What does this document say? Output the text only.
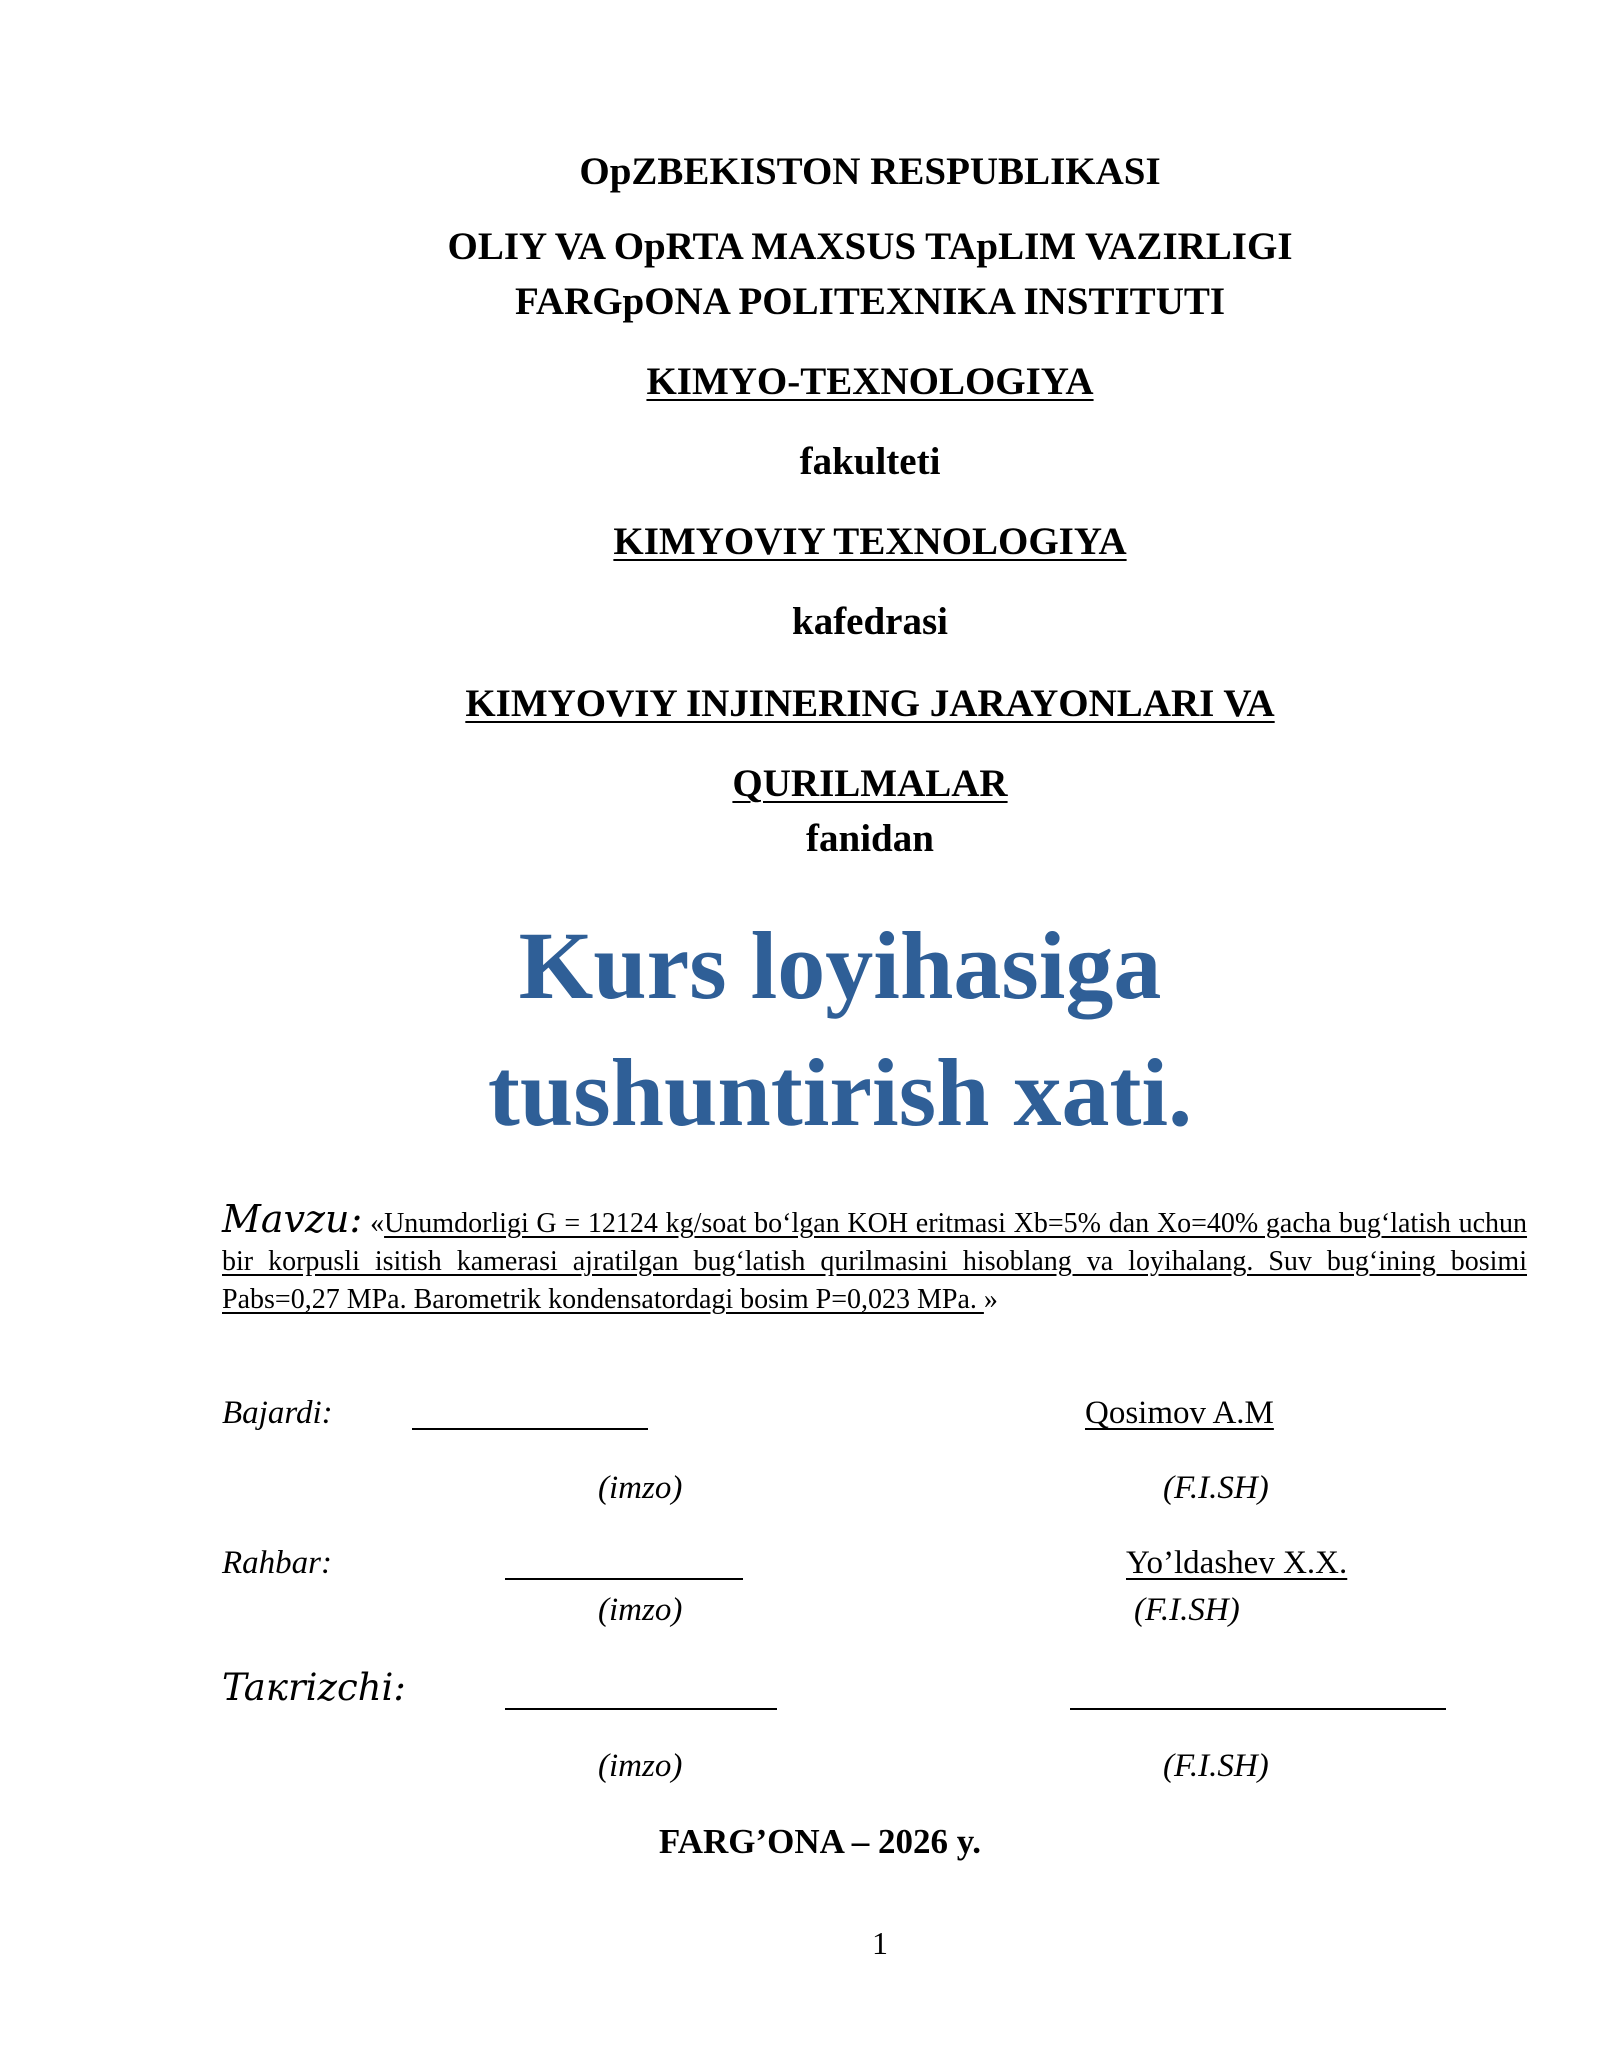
OpZBEKISTON RESPUBLIKASI
OLIY VA OpRTA MAXSUS TApLIM VAZIRLIGI
FARGpONA POLITEXNIKA INSTITUTI
KIMYO-TEXNOLOGIYA
fakulteti
KIMYOVIY TEXNOLOGIYA
kafedrasi
KIMYOVIY INJINERING JARAYONLARI VA
QURILMALAR
fanidan
Kurs loyihasiga
tushuntirish xati.
Mavzu: «Unumdorligi G = 12124 kg/soat bo‘lgan KOH eritmasi Xb=5% dan Xo=40% gacha bug‘latish uchun bir korpusli isitish kamerasi ajratilgan bug‘latish qurilmasini hisoblang va loyihalang. Suv bug‘ining bosimi Pabs=0,27 MPa. Barometrik kondensatordagi bosim P=0,023 MPa. »
Bajardi:	Qosimov A.M
(imzo)	(F.I.SH)
Rahbar:	Yo’ldashev X.X.
(imzo)	(F.I.SH)
Taкrizchi:
(imzo)	(F.I.SH)
FARG’ONA – 2026 y.
1
